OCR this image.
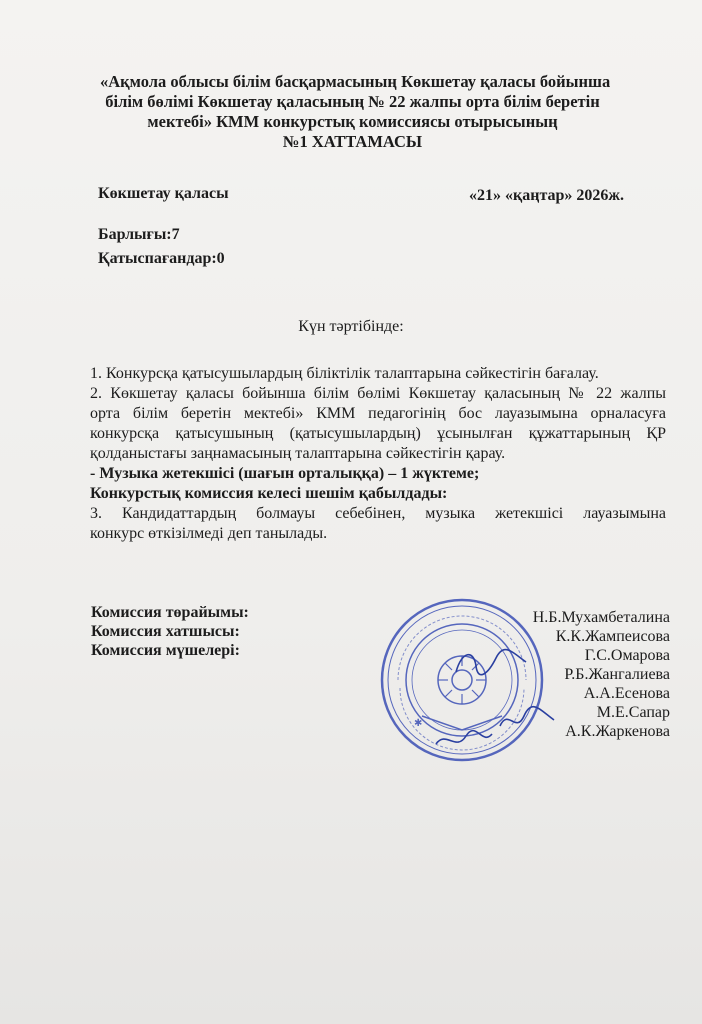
«Ақмола облысы білім басқармасының Көкшетау қаласы бойынша
білім бөлімі Көкшетау қаласының № 22 жалпы орта білім беретін
мектебі» КММ конкурстық комиссиясы отырысының
№1 ХАТТАМАСЫ
Көкшетау қаласы	«21» «қаңтар» 2026ж.
Барлығы:7
Қатыспағандар:0
Күн тәртібінде:
1. Конкурсқа қатысушылардың біліктілік талаптарына сәйкестігін бағалау.
2. Көкшетау қаласы бойынша білім бөлімі Көкшетау қаласының № 22 жалпы
орта білім беретін мектебі» КММ педагогінің бос лауазымына орналасуға
конкурсқа қатысушының (қатысушылардың) ұсынылған құжаттарының ҚР
қолданыстағы заңнамасының талаптарына сәйкестігін қарау.
- Музыка жетекшісі (шағын орталыққа) – 1 жүктеме;
Конкурстық комиссия келесі шешім қабылдады:
3. Кандидаттардың болмауы себебінен, музыка жетекшісі лауазымына
конкурс өткізілмеді деп танылады.
Комиссия төрайымы:
Комиссия хатшысы:
Комиссия мүшелері:
✱
Н.Б.Мухамбеталина
К.К.Жампеисова
Г.С.Омарова
Р.Б.Жангалиева
А.А.Есенова
М.Е.Сапар
А.К.Жаркенова
